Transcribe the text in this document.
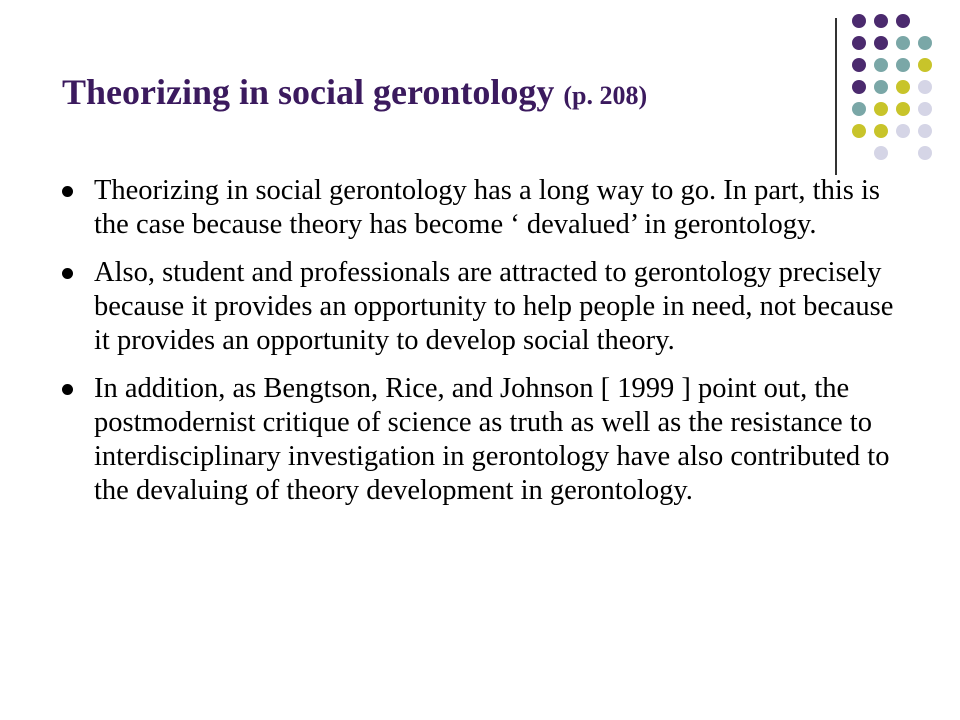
Theorizing in social gerontology (p. 208)
Theorizing in social gerontology has a long way to go. In part, this is the case because theory has become ‘ devalued’ in gerontology.
Also, student and professionals are attracted to gerontology precisely because it provides an opportunity to help people in need, not because it provides an opportunity to develop social theory.
In addition, as Bengtson, Rice, and Johnson [ 1999 ] point out, the postmodernist critique of science as truth as well as the resistance to interdisciplinary investigation in gerontology have also contributed to the devaluing of theory development in gerontology.
